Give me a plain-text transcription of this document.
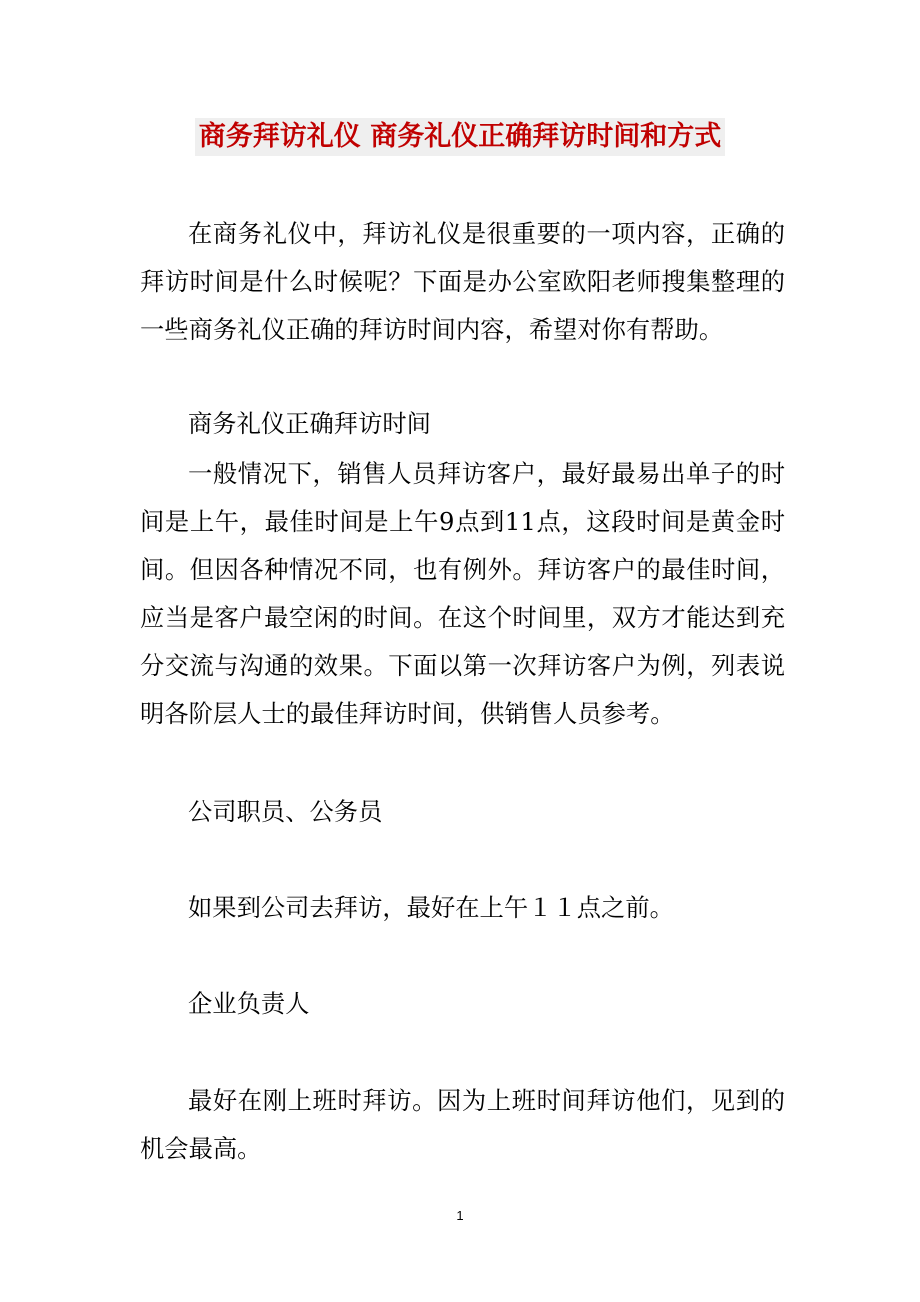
商务拜访礼仪 商务礼仪正确拜访时间和方式

在商务礼仪中，拜访礼仪是很重要的一项内容，正确的拜访时间是什么时候呢？下面是办公室欧阳老师搜集整理的一些商务礼仪正确的拜访时间内容，希望对你有帮助。

商务礼仪正确拜访时间

一般情况下，销售人员拜访客户，最好最易出单子的时间是上午，最佳时间是上午9点到11点，这段时间是黄金时间。但因各种情况不同，也有例外。拜访客户的最佳时间，应当是客户最空闲的时间。在这个时间里，双方才能达到充分交流与沟通的效果。下面以第一次拜访客户为例，列表说明各阶层人士的最佳拜访时间，供销售人员参考。

公司职员、公务员

如果到公司去拜访，最好在上午１１点之前。

企业负责人

最好在刚上班时拜访。因为上班时间拜访他们，见到的机会最高。

1
